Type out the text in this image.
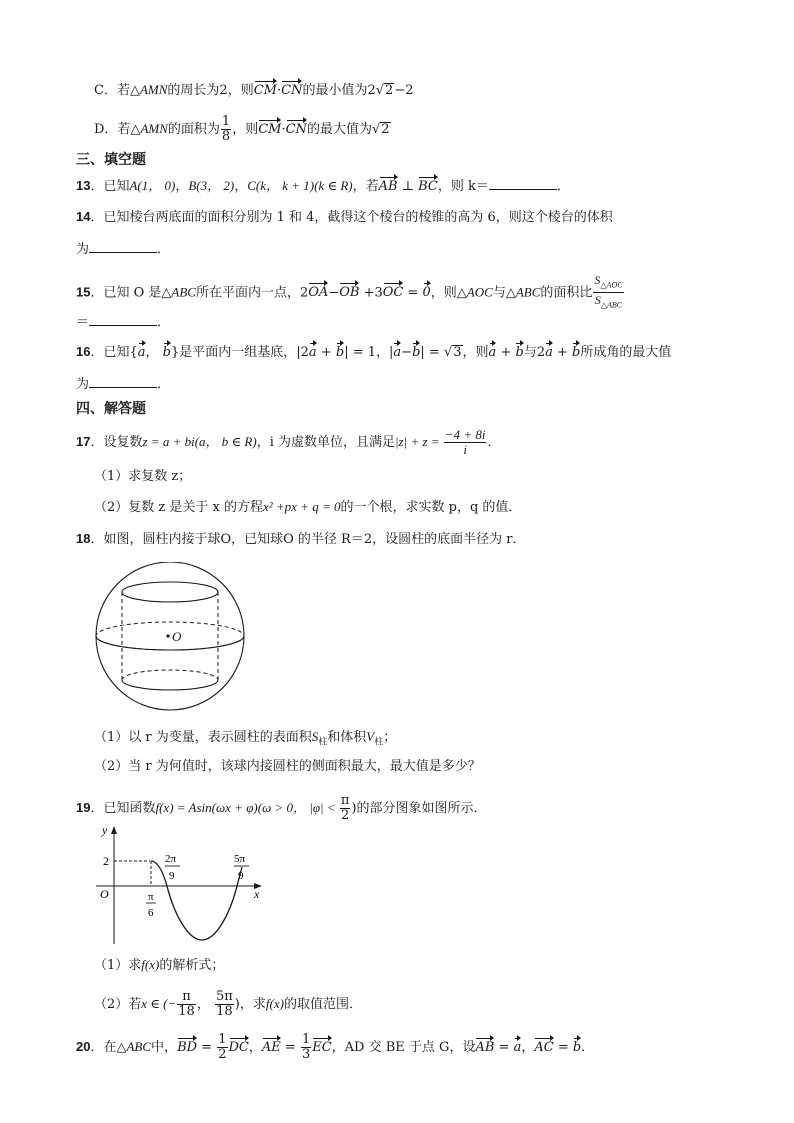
C．若△AMN的周长为2，则CM·CN的最小值为2√2−2
D．若△AMN的面积为 $\frac{1}{8}$ ，则CM·CN的最大值为√2
三、填空题
13．已知A(1， 0)，B(3， 2)，C(k， k + 1)(k ∈ R)，若AB ⊥ BC，则 k＝	．
14．已知棱台两底面的面积分别为 1 和 4，截得这个棱台的棱锥的高为 6，则这个棱台的体积
为	．
15．已知 O 是△ABC所在平面内一点，2OA−OB +3OC = 0，则△AOC与△ABC的面积比 $\frac{S_{\triangle AOC}}{S_{\triangle ABC}}$
＝	．
16．已知{a， b}是平面内一组基底，|2a + b| = 1，|a−b| = √3，则a + b与2a + b所成角的最大值
为	．
四、解答题
17．设复数z = a + bi(a， b ∈ R)，i 为虚数单位，且满足$|z| + z = \frac{-4 + 8i}{i}$ ．
（1）求复数 z；
（2）复数 z 是关于 x 的方程x² +px + q = 0的一个根，求实数 p，q 的值．
18．如图，圆柱内接于球O，已知球O 的半径 R＝2，设圆柱的底面半径为 r．
O
（1）以 r 为变量，表示圆柱的表面积$S_柱$和体积$V_柱$；
（2）当 r 为何值时，该球内接圆柱的侧面积最大，最大值是多少？
19．已知函数f(x) = Asin(ωx + φ)(ω > 0， $|\varphi| < \frac{\pi}{2}$ )的部分图象如图所示．
y
x
O
2	2π
9
5π
9
π
6
（1）求f(x)的解析式；
（2）若x ∈ (− $\frac{\pi}{18}$ ， $\frac{5\pi}{18}$ )，求f(x)的取值范围．
20．在△ABC中，BD = $\frac{1}{2}$ DC，AE = $\frac{1}{3}$ EC，AD 交 BE 于点 G，设AB = a，AC = b．
